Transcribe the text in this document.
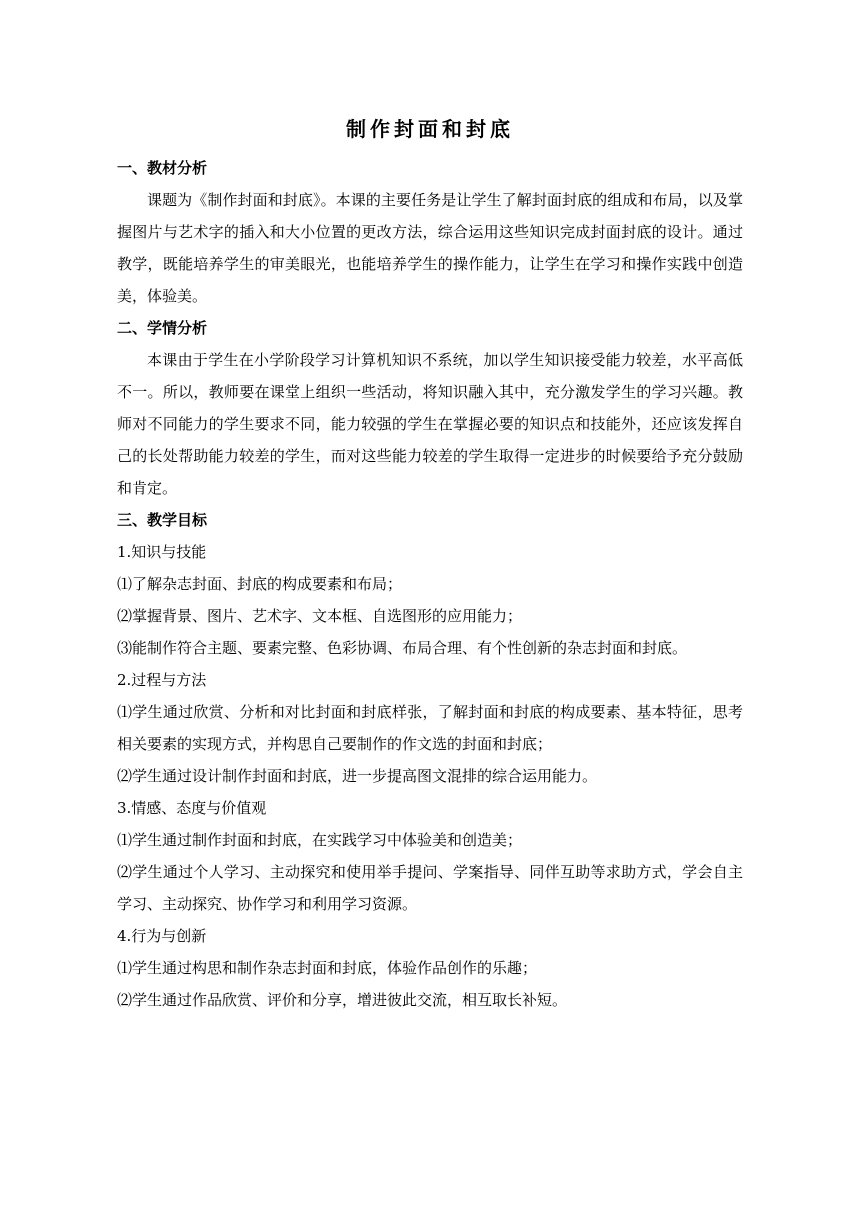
制作封面和封底

一、教材分析

课题为《制作封面和封底》。本课的主要任务是让学生了解封面封底的组成和布局，以及掌握图片与艺术字的插入和大小位置的更改方法，综合运用这些知识完成封面封底的设计。通过教学，既能培养学生的审美眼光，也能培养学生的操作能力，让学生在学习和操作实践中创造美，体验美。

二、学情分析

本课由于学生在小学阶段学习计算机知识不系统，加以学生知识接受能力较差，水平高低不一。所以，教师要在课堂上组织一些活动，将知识融入其中，充分激发学生的学习兴趣。教师对不同能力的学生要求不同，能力较强的学生在掌握必要的知识点和技能外，还应该发挥自己的长处帮助能力较差的学生，而对这些能力较差的学生取得一定进步的时候要给予充分鼓励和肯定。

三、教学目标

1.知识与技能

⑴了解杂志封面、封底的构成要素和布局；

⑵掌握背景、图片、艺术字、文本框、自选图形的应用能力；

⑶能制作符合主题、要素完整、色彩协调、布局合理、有个性创新的杂志封面和封底。

2.过程与方法

⑴学生通过欣赏、分析和对比封面和封底样张，了解封面和封底的构成要素、基本特征，思考相关要素的实现方式，并构思自己要制作的作文选的封面和封底；

⑵学生通过设计制作封面和封底，进一步提高图文混排的综合运用能力。

3.情感、态度与价值观

⑴学生通过制作封面和封底，在实践学习中体验美和创造美；

⑵学生通过个人学习、主动探究和使用举手提问、学案指导、同伴互助等求助方式，学会自主学习、主动探究、协作学习和利用学习资源。

4.行为与创新

⑴学生通过构思和制作杂志封面和封底，体验作品创作的乐趣；

⑵学生通过作品欣赏、评价和分享，增进彼此交流，相互取长补短。
